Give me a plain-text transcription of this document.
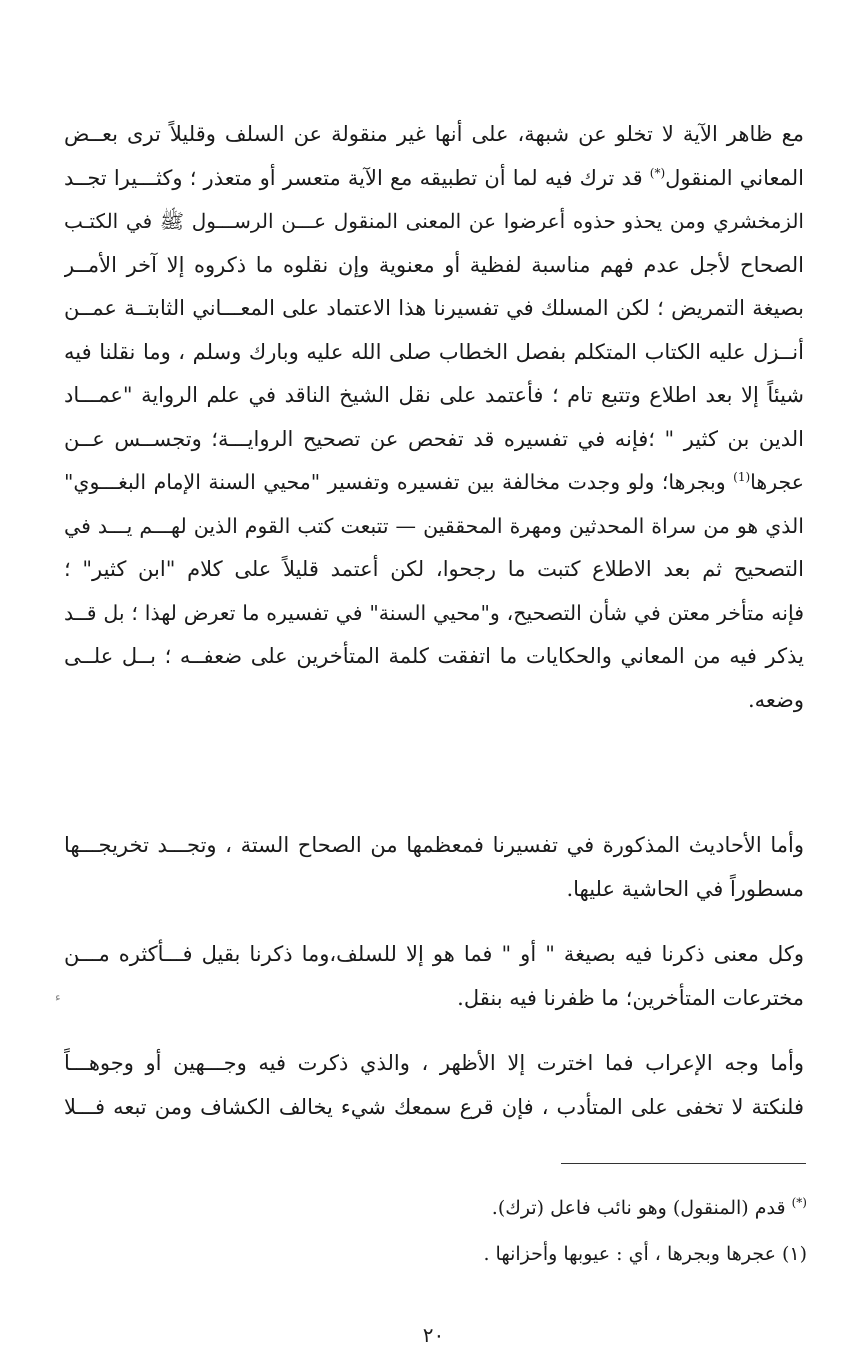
مع ظاهر الآية لا تخلو عن شبهة، على أنها غير منقولة عن السلف وقليلاً ترى بعــض
المعاني المنقول(*) قد ترك فيه لما أن تطبيقه مع الآية متعسر أو متعذر ؛ وكثـــيرا تجــد
الزمخشري ومن يحذو حذوه أعرضوا عن المعنى المنقول عـــن الرســـول ﷺ في الكتـب
الصحاح لأجل عدم فهم مناسبة لفظية أو معنوية وإن نقلوه ما ذكروه إلا آخر الأمــر
بصيغة التمريض ؛ لكن المسلك في تفسيرنا هذا الاعتماد على المعـــاني الثابتــة عمــن
أنــزل عليه الكتاب المتكلم بفصل الخطاب صلى الله عليه وبارك وسلم ، وما نقلنا فيه
شيئاً إلا بعد اطلاع وتتبع تام ؛ فأعتمد على نقل الشيخ الناقد في علم الرواية "عمـــاد
الدين بن كثير " ؛فإنه في تفسيره قد تفحص عن تصحيح الروايـــة؛ وتجســس عــن
عجرها$^{(1)}$ وبجرها؛ ولو وجدت مخالفة بين تفسيره وتفسير "محيي السنة الإمام البغـــوي"
الذي هو من سراة المحدثين ومهرة المحققين — تتبعت كتب القوم الذين لهـــم يـــد في
التصحيح ثم بعد الاطلاع كتبت ما رجحوا، لكن أعتمد قليلاً على كلام "ابن كثير" ؛
فإنه متأخر معتن في شأن التصحيح، و"محيي السنة" في تفسيره ما تعرض لهذا ؛ بل قــد
يذكر فيه من المعاني والحكايات ما اتفقت كلمة المتأخرين على ضعفــه ؛ بــل علــى
وضعه.
وأما الأحاديث المذكورة في تفسيرنا فمعظمها من الصحاح الستة ، وتجـــد تخريجـــها
مسطوراً في الحاشية عليها.
وكل معنى ذكرنا فيه بصيغة " أو " فما هو إلا للسلف،وما ذكرنا بقيل فـــأكثره مـــن
مخترعات المتأخرين؛ ما ظفرنا فيه بنقل.
وأما وجه الإعراب فما اخترت إلا الأظهر ، والذي ذكرت فيه وجـــهين أو وجوهـــاً
فلنكتة لا تخفى على المتأدب ، فإن قرع سمعك شيء يخالف الكشاف ومن تبعه فـــلا
ء
(*) قدم (المنقول) وهو نائب فاعل (ترك).
(١) عجرها وبجرها ، أي : عيوبها وأحزانها .
٢٠
